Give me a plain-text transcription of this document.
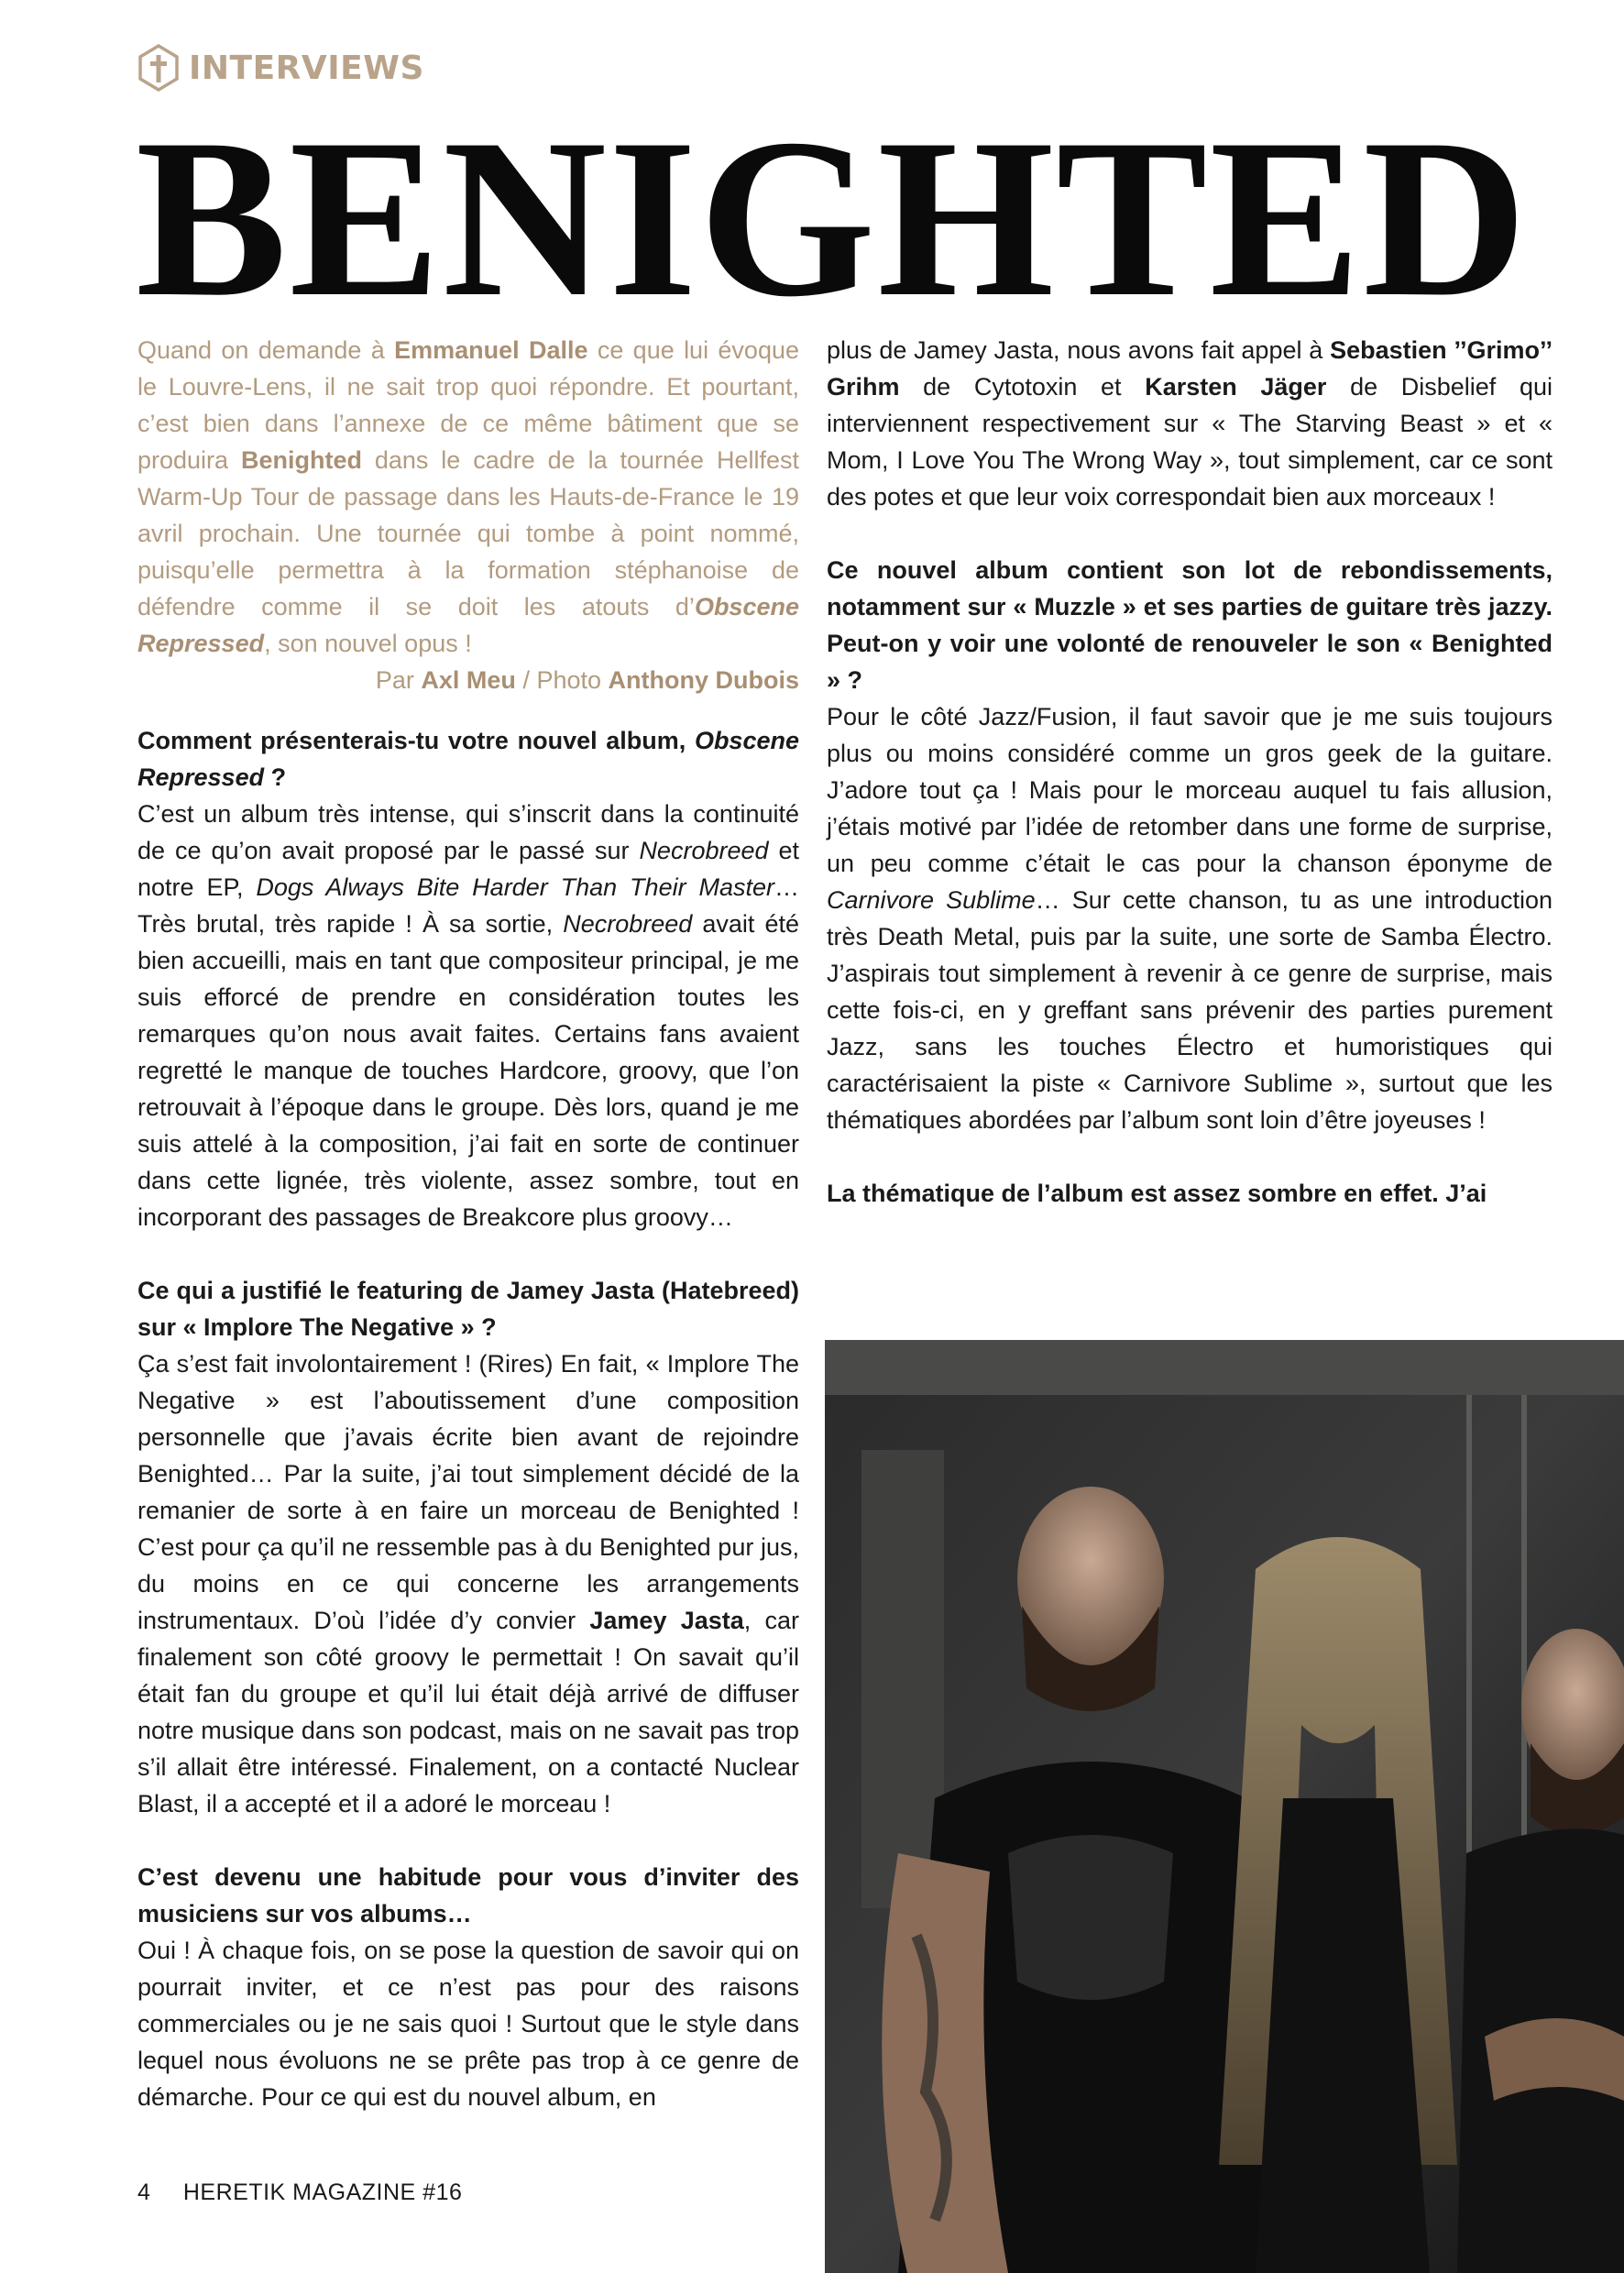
INTERVIEWS
BENIGHTED

Quand on demande à Emmanuel Dalle ce que lui évoque le Louvre-Lens, il ne sait trop quoi répondre. Et pourtant, c’est bien dans l’annexe de ce même bâtiment que se produira Benighted dans le cadre de la tournée Hellfest Warm-Up Tour de passage dans les Hauts-de-France le 19 avril prochain. Une tournée qui tombe à point nommé, puisqu’elle permettra à la formation stéphanoise de défendre comme il se doit les atouts d’Obscene Repressed, son nouvel opus !

Par Axl Meu / Photo Anthony Dubois

Comment présenterais-tu votre nouvel album, Obscene Repressed ?

C’est un album très intense, qui s’inscrit dans la continuité de ce qu’on avait proposé par le passé sur Necrobreed et notre EP, Dogs Always Bite Harder Than Their Master… Très brutal, très rapide ! À sa sortie, Necrobreed avait été bien accueilli, mais en tant que compositeur principal, je me suis efforcé de prendre en considération toutes les remarques qu’on nous avait faites. Certains fans avaient regretté le manque de touches Hardcore, groovy, que l’on retrouvait à l’époque dans le groupe. Dès lors, quand je me suis attelé à la composition, j’ai fait en sorte de continuer dans cette lignée, très violente, assez sombre, tout en incorporant des passages de Breakcore plus groovy…

Ce qui a justifié le featuring de Jamey Jasta (Hatebreed) sur « Implore The Negative » ?

Ça s’est fait involontairement ! (Rires) En fait, « Implore The Negative » est l’aboutissement d’une composition personnelle que j’avais écrite bien avant de rejoindre Benighted… Par la suite, j’ai tout simplement décidé de la remanier de sorte à en faire un morceau de Benighted ! C’est pour ça qu’il ne ressemble pas à du Benighted pur jus, du moins en ce qui concerne les arrangements instrumentaux. D’où l’idée d’y convier Jamey Jasta, car finalement son côté groovy le permettait ! On savait qu’il était fan du groupe et qu’il lui était déjà arrivé de diffuser notre musique dans son podcast, mais on ne savait pas trop s’il allait être intéressé. Finalement, on a contacté Nuclear Blast, il a accepté et il a adoré le morceau !

C’est devenu une habitude pour vous d’inviter des musiciens sur vos albums…

Oui ! À chaque fois, on se pose la question de savoir qui on pourrait inviter, et ce n’est pas pour des raisons commerciales ou je ne sais quoi ! Surtout que le style dans lequel nous évoluons ne se prête pas trop à ce genre de démarche. Pour ce qui est du nouvel album, en

plus de Jamey Jasta, nous avons fait appel à Sebastien ’’Grimo’’ Grihm de Cytotoxin et Karsten Jäger de Disbelief qui interviennent respectivement sur « The Starving Beast » et « Mom, I Love You The Wrong Way », tout simplement, car ce sont des potes et que leur voix correspondait bien aux morceaux !

Ce nouvel album contient son lot de rebondissements, notamment sur « Muzzle » et ses parties de guitare très jazzy. Peut-on y voir une volonté de renouveler le son « Benighted » ?

Pour le côté Jazz/Fusion, il faut savoir que je me suis toujours plus ou moins considéré comme un gros geek de la guitare. J’adore tout ça ! Mais pour le morceau auquel tu fais allusion, j’étais motivé par l’idée de retomber dans une forme de surprise, un peu comme c’était le cas pour la chanson éponyme de Carnivore Sublime… Sur cette chanson, tu as une introduction très Death Metal, puis par la suite, une sorte de Samba Électro. J’aspirais tout simplement à revenir à ce genre de surprise, mais cette fois-ci, en y greffant sans prévenir des parties purement Jazz, sans les touches Électro et humoristiques qui caractérisaient la piste « Carnivore Sublime », surtout que les thématiques abordées par l’album sont loin d’être joyeuses !

La thématique de l’album est assez sombre en effet. J’ai

4 HERETIK MAGAZINE #16
